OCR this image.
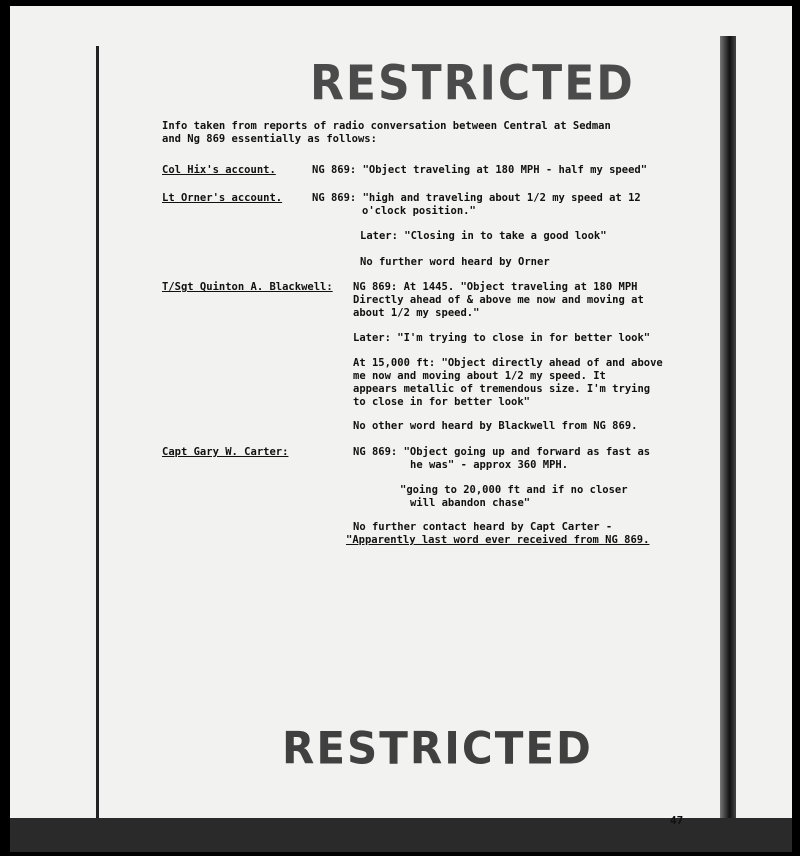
RESTRICTED
Info taken from reports of radio conversation between Central at Sedman
and Ng 869 essentially as follows:
Col Hix's account.	NG 869: "Object traveling at 180 MPH - half my speed"
Lt Orner's account.	NG 869: "high and traveling about 1/2 my speed at 12
o'clock position."
Later: "Closing in to take a good look"
No further word heard by Orner
T/Sgt Quinton A. Blackwell: NG 869: At 1445. "Object traveling at 180 MPH
Directly ahead of & above me now and moving at
about 1/2 my speed."
Later: "I'm trying to close in for better look"
At 15,000 ft: "Object directly ahead of and above
me now and moving about 1/2 my speed. It
appears metallic of tremendous size. I'm trying
to close in for better look"
No other word heard by Blackwell from NG 869.
Capt Gary W. Carter:	NG 869: "Object going up and forward as fast as
he was" - approx 360 MPH.
"going to 20,000 ft and if no closer
will abandon chase"
No further contact heard by Capt Carter -
"Apparently last word ever received from NG 869.
RESTRICTED
47
